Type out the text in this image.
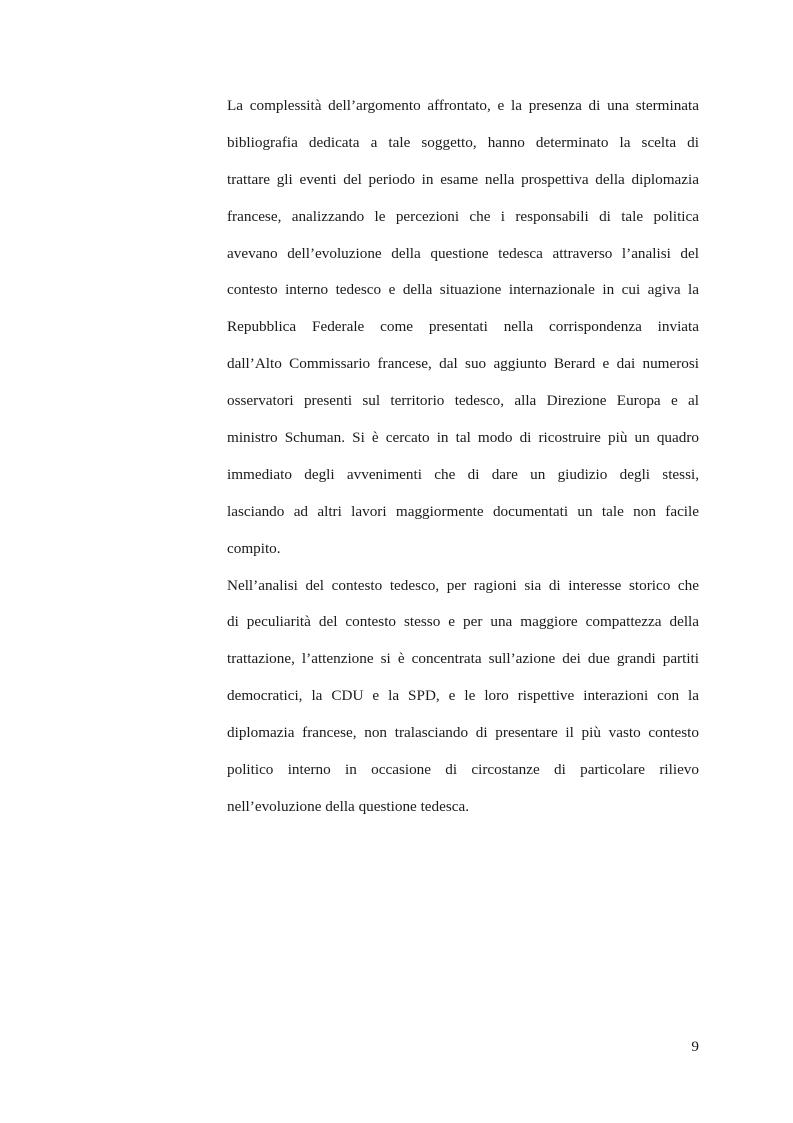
La complessità dell’argomento affrontato, e la presenza di una sterminata
bibliografia dedicata a tale soggetto, hanno determinato la scelta di
trattare gli eventi del periodo in esame nella prospettiva della diplomazia
francese, analizzando le percezioni che i responsabili di tale politica
avevano dell’evoluzione della questione tedesca attraverso l’analisi del
contesto interno tedesco e della situazione internazionale in cui agiva la
Repubblica Federale come presentati nella corrispondenza inviata
dall’Alto Commissario francese, dal suo aggiunto Berard e dai numerosi
osservatori presenti sul territorio tedesco, alla Direzione Europa e al
ministro Schuman. Si è cercato in tal modo di ricostruire più un quadro
immediato degli avvenimenti che di dare un giudizio degli stessi,
lasciando ad altri lavori maggiormente documentati un tale non facile
compito.
Nell’analisi del contesto tedesco, per ragioni sia di interesse storico che
di peculiarità del contesto stesso e per una maggiore compattezza della
trattazione, l’attenzione si è concentrata sull’azione dei due grandi partiti
democratici, la CDU e la SPD, e le loro rispettive interazioni con la
diplomazia francese, non tralasciando di presentare il più vasto contesto
politico interno in occasione di circostanze di particolare rilievo
nell’evoluzione della questione tedesca.
9
